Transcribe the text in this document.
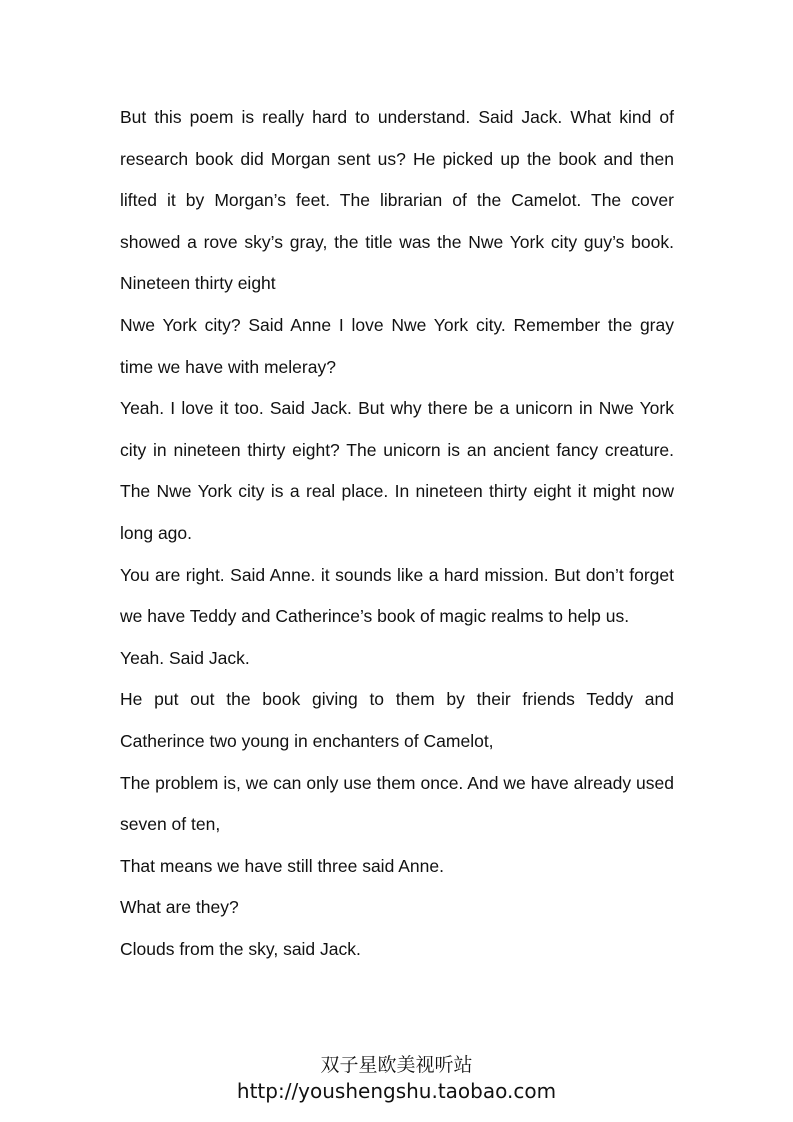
But this poem is really hard to understand. Said Jack. What kind of research book did Morgan sent us? He picked up the book and then lifted it by Morgan’s feet. The librarian of the Camelot. The cover showed a rove sky’s gray, the title was the Nwe York city guy’s book. Nineteen thirty eight

Nwe York city? Said Anne I love Nwe York city. Remember the gray time we have with meleray?

Yeah. I love it too. Said Jack. But why there be a unicorn in Nwe York city in nineteen thirty eight? The unicorn is an ancient fancy creature. The Nwe York city is a real place. In nineteen thirty eight it might now long ago.

You are right. Said Anne. it sounds like a hard mission. But don’t forget we have Teddy and Catherince’s book of magic realms to help us.

Yeah. Said Jack.

He put out the book giving to them by their friends Teddy and Catherince two young in enchanters of Camelot,

The problem is, we can only use them once. And we have already used seven of ten,

That means we have still three said Anne.

What are they?

Clouds from the sky, said Jack.

双子星欧美视听站
http://youshengshu.taobao.com
